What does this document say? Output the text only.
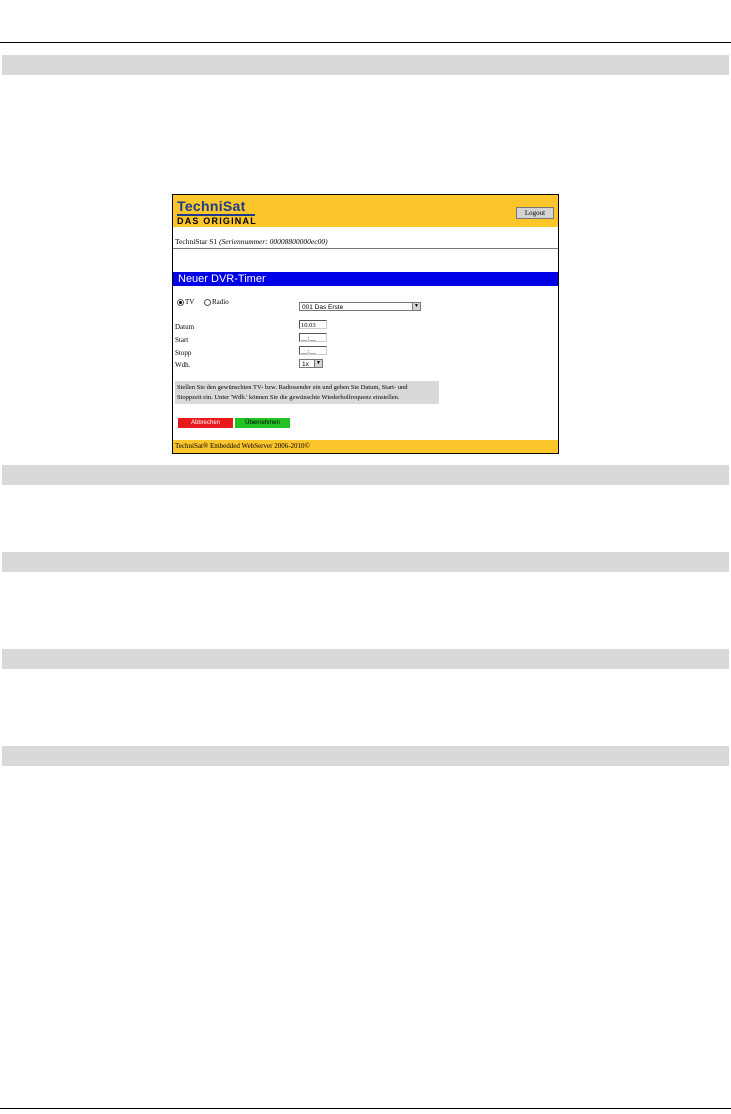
TechniSat
DAS ORIGINAL
Logout
TechniStar S1 (Seriennummer: 00008800000ec00)
Neuer DVR-Timer
TV	Radio
001 Das Erste	▼
Datum	10.03
Start	__:__
Stopp	__:__
Wdh.	1x	▼
Stellen Sie den gewünschten TV- bzw. Radiosender ein und geben Sie Datum, Start- und
Stoppzeit ein. Unter 'Wdh.' können Sie die gewünschte Wiederholfrequenz einstellen.
Abbrechen	Übernehmen
TechniSat® Embedded WebServer 2006-2010©
